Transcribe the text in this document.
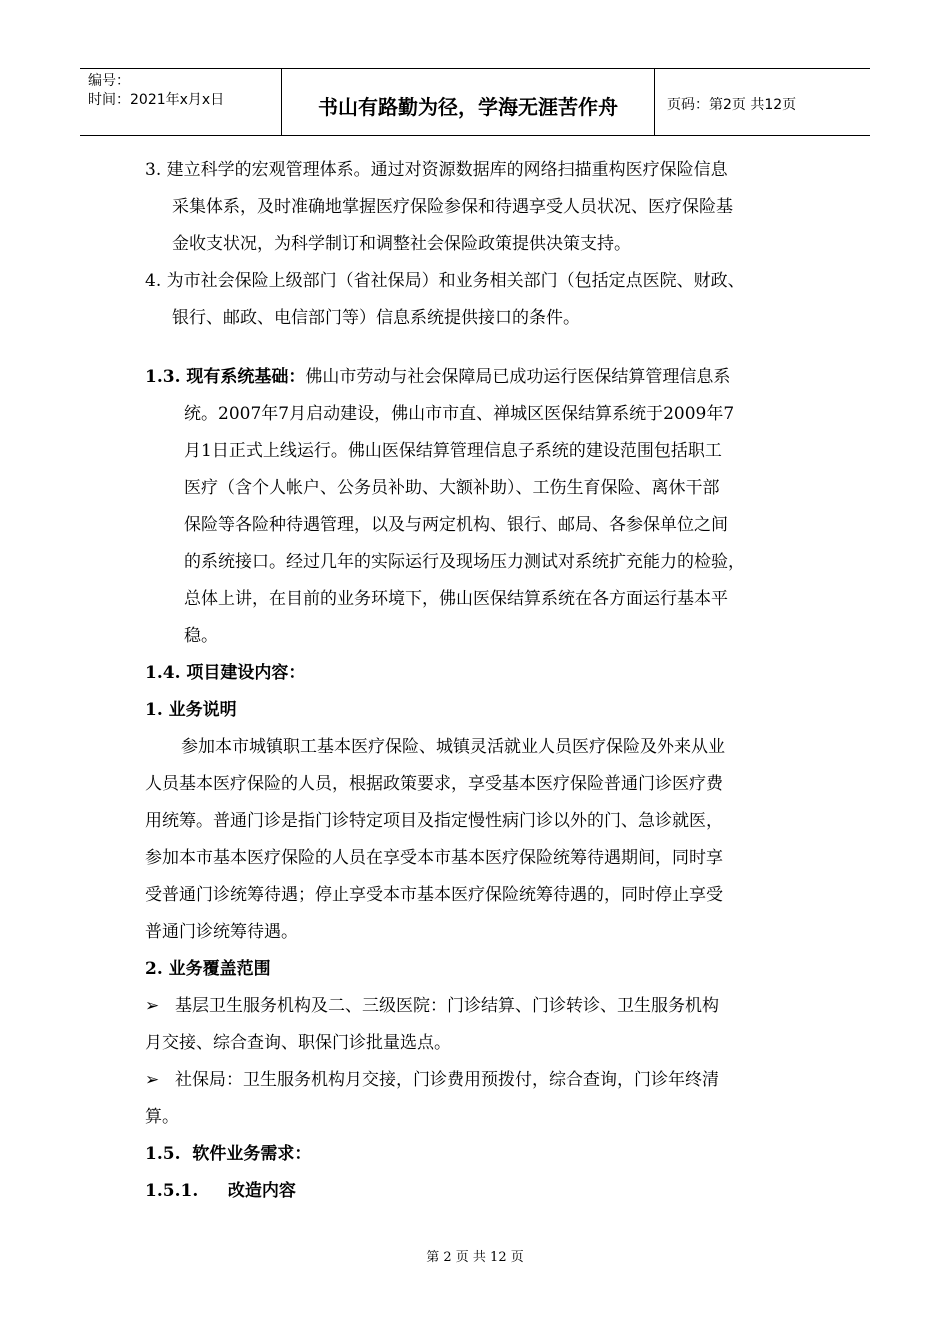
编号：
时间：2021年x月x日	书山有路勤为径，学海无涯苦作舟	页码：第2页 共12页

3. 建立科学的宏观管理体系。通过对资源数据库的网络扫描重构医疗保险信息

采集体系，及时准确地掌握医疗保险参保和待遇享受人员状况、医疗保险基

金收支状况，为科学制订和调整社会保险政策提供决策支持。

4. 为市社会保险上级部门（省社保局）和业务相关部门（包括定点医院、财政、

银行、邮政、电信部门等）信息系统提供接口的条件。

1.3. 现有系统基础：佛山市劳动与社会保障局已成功运行医保结算管理信息系

统。2007年7月启动建设，佛山市市直、禅城区医保结算系统于2009年7

月1日正式上线运行。佛山医保结算管理信息子系统的建设范围包括职工

医疗（含个人帐户、公务员补助、大额补助）、工伤生育保险、离休干部

保险等各险种待遇管理，以及与两定机构、银行、邮局、各参保单位之间

的系统接口。经过几年的实际运行及现场压力测试对系统扩充能力的检验，

总体上讲，在目前的业务环境下，佛山医保结算系统在各方面运行基本平

稳。

1.4. 项目建设内容：

1. 业务说明

参加本市城镇职工基本医疗保险、城镇灵活就业人员医疗保险及外来从业

人员基本医疗保险的人员，根据政策要求，享受基本医疗保险普通门诊医疗费

用统筹。普通门诊是指门诊特定项目及指定慢性病门诊以外的门、急诊就医，

参加本市基本医疗保险的人员在享受本市基本医疗保险统筹待遇期间，同时享

受普通门诊统筹待遇；停止享受本市基本医疗保险统筹待遇的，同时停止享受

普通门诊统筹待遇。

2. 业务覆盖范围

➢ 基层卫生服务机构及二、三级医院：门诊结算、门诊转诊、卫生服务机构

月交接、综合查询、职保门诊批量选点。

➢ 社保局：卫生服务机构月交接，门诊费用预拨付，综合查询，门诊年终清

算。

1.5.  软件业务需求：

1.5.1.     改造内容

第 2 页 共 12 页
